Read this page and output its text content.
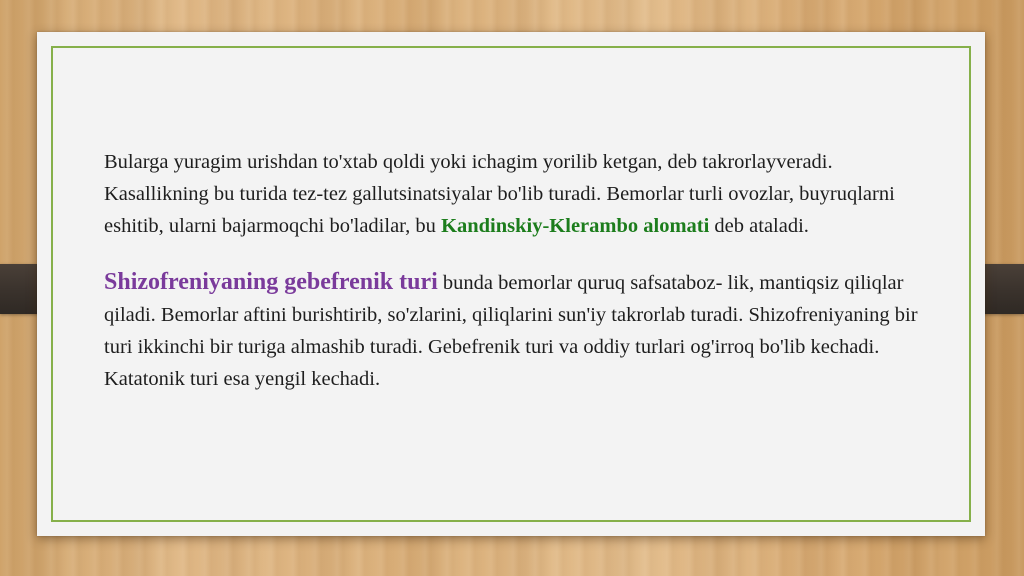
Bularga yuragim urishdan to'xtab qoldi yoki ichagim yorilib ketgan, deb takrorlayveradi. Kasallikning bu turida tez-tez gallutsinatsiyalar bo'lib turadi. Bemorlar turli ovozlar, buyruqlarni eshitib, ularni bajarmoqchi bo'ladilar, bu Kandinskiy-Klerambo alomati deb ataladi.

Shizofreniyaning gebefrenik turi bunda bemorlar quruq safsataboz- lik, mantiqsiz qiliqlar qiladi. Bemorlar aftini burishtirib, so'zlarini, qiliqlarini sun'iy takrorlab turadi. Shizofreniyaning bir turi ikkinchi bir turiga almashib turadi. Gebefrenik turi va oddiy turlari og'irroq bo'lib kechadi. Katatonik turi esa yengil kechadi.
